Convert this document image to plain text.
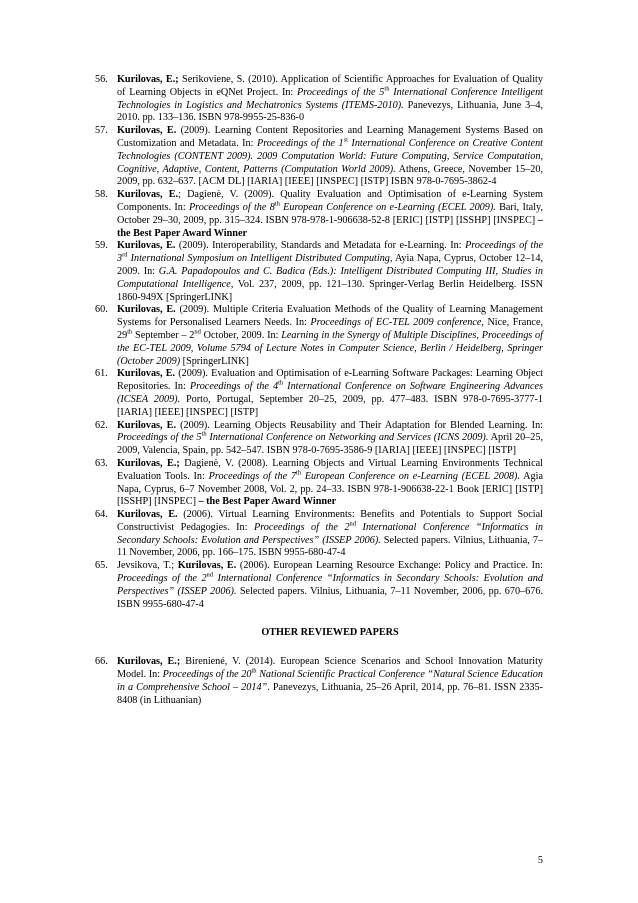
56. Kurilovas, E.; Serikoviene, S. (2010). Application of Scientific Approaches for Evaluation of Quality of Learning Objects in eQNet Project. In: Proceedings of the 5th International Conference Intelligent Technologies in Logistics and Mechatronics Systems (ITEMS-2010). Panevezys, Lithuania, June 3–4, 2010. pp. 133–136. ISBN 978-9955-25-836-0

57. Kurilovas, E. (2009). Learning Content Repositories and Learning Management Systems Based on Customization and Metadata. In: Proceedings of the 1st International Conference on Creative Content Technologies (CONTENT 2009). 2009 Computation World: Future Computing, Service Computation, Cognitive, Adaptive, Content, Patterns (Computation World 2009). Athens, Greece, November 15–20, 2009, pp. 632–637. [ACM DL] [IARIA] [IEEE] [INSPEC] [ISTP] ISBN 978-0-7695-3862-4

58. Kurilovas, E.; Dagienė, V. (2009). Quality Evaluation and Optimisation of e-Learning System Components. In: Proceedings of the 8th European Conference on e-Learning (ECEL 2009). Bari, Italy, October 29–30, 2009, pp. 315–324. ISBN 978-978-1-906638-52-8 [ERIC] [ISTP] [ISSHP] [INSPEC] – the Best Paper Award Winner

59. Kurilovas, E. (2009). Interoperability, Standards and Metadata for e-Learning. In: Proceedings of the 3rd International Symposium on Intelligent Distributed Computing, Ayia Napa, Cyprus, October 12–14, 2009. In: G.A. Papadopoulos and C. Badica (Eds.): Intelligent Distributed Computing III, Studies in Computational Intelligence, Vol. 237, 2009, pp. 121–130. Springer-Verlag Berlin Heidelberg. ISSN 1860-949X [SpringerLINK]

60. Kurilovas, E. (2009). Multiple Criteria Evaluation Methods of the Quality of Learning Management Systems for Personalised Learners Needs. In: Proceedings of EC-TEL 2009 conference, Nice, France, 29th September – 2nd October, 2009. In: Learning in the Synergy of Multiple Disciplines, Proceedings of the EC-TEL 2009, Volume 5794 of Lecture Notes in Computer Science, Berlin / Heidelberg, Springer (October 2009) [SpringerLINK]

61. Kurilovas, E. (2009). Evaluation and Optimisation of e-Learning Software Packages: Learning Object Repositories. In: Proceedings of the 4th International Conference on Software Engineering Advances (ICSEA 2009). Porto, Portugal, September 20–25, 2009, pp. 477–483. ISBN 978-0-7695-3777-1 [IARIA] [IEEE] [INSPEC] [ISTP]

62. Kurilovas, E. (2009). Learning Objects Reusability and Their Adaptation for Blended Learning. In: Proceedings of the 5th International Conference on Networking and Services (ICNS 2009). April 20–25, 2009, Valencia, Spain, pp. 542–547. ISBN 978-0-7695-3586-9 [IARIA] [IEEE] [INSPEC] [ISTP]

63. Kurilovas, E.; Dagienė, V. (2008). Learning Objects and Virtual Learning Environments Technical Evaluation Tools. In: Proceedings of the 7th European Conference on e-Learning (ECEL 2008). Agia Napa, Cyprus, 6–7 November 2008, Vol. 2, pp. 24–33. ISBN 978-1-906638-22-1 Book [ERIC] [ISTP] [ISSHP] [INSPEC] – the Best Paper Award Winner

64. Kurilovas, E. (2006). Virtual Learning Environments: Benefits and Potentials to Support Social Constructivist Pedagogies. In: Proceedings of the 2nd International Conference “Informatics in Secondary Schools: Evolution and Perspectives” (ISSEP 2006). Selected papers. Vilnius, Lithuania, 7–11 November, 2006, pp. 166–175. ISBN 9955-680-47-4

65. Jevsikova, T.; Kurilovas, E. (2006). European Learning Resource Exchange: Policy and Practice. In: Proceedings of the 2nd International Conference “Informatics in Secondary Schools: Evolution and Perspectives” (ISSEP 2006). Selected papers. Vilnius, Lithuania, 7–11 November, 2006, pp. 670–676. ISBN 9955-680-47-4

OTHER REVIEWED PAPERS

66. Kurilovas, E.; Bireniené, V. (2014). European Science Scenarios and School Innovation Maturity Model. In: Proceedings of the 20th National Scientific Practical Conference “Natural Science Education in a Comprehensive School – 2014”. Panevezys, Lithuania, 25–26 April, 2014, pp. 76–81. ISSN 2335-8408 (in Lithuanian)

5
